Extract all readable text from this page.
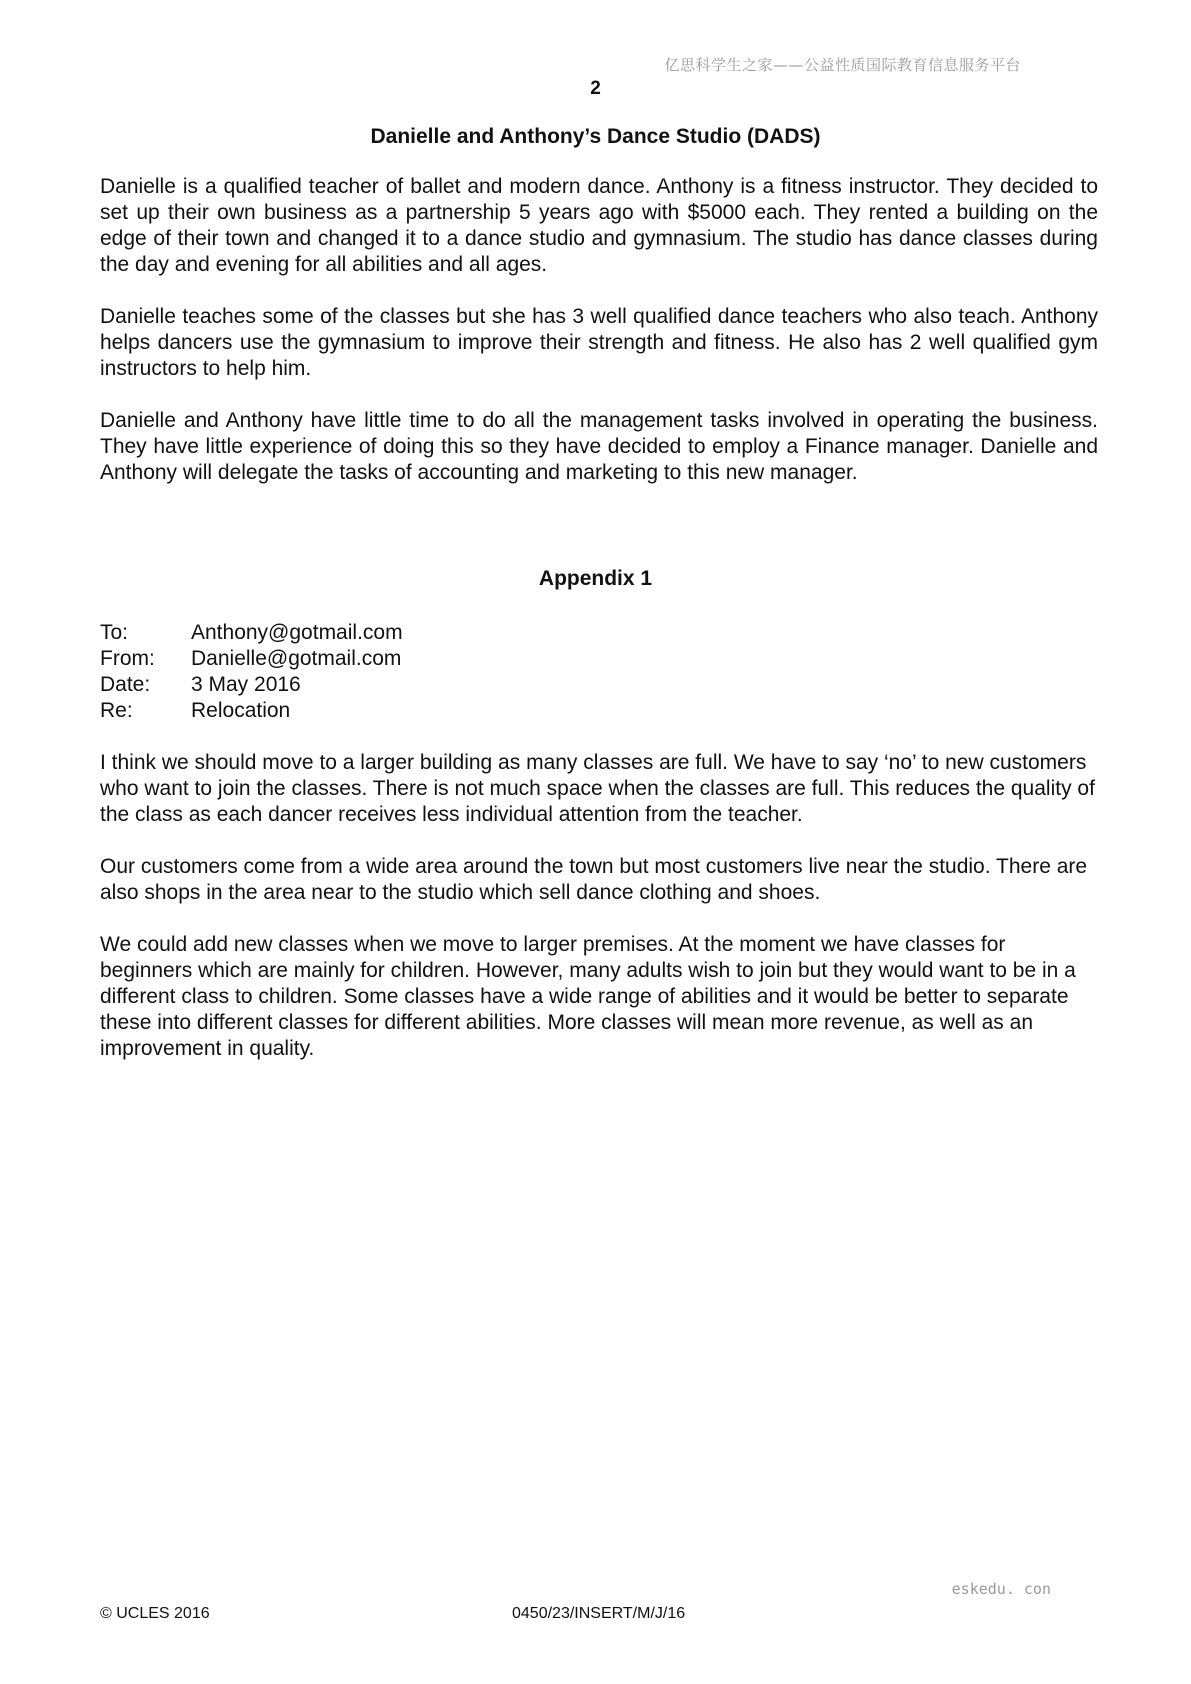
亿思科学生之家——公益性质国际教育信息服务平台
2
Danielle and Anthony’s Dance Studio (DADS)

Danielle is a qualified teacher of ballet and modern dance. Anthony is a fitness instructor. They decided to set up their own business as a partnership 5 years ago with $5000 each. They rented a building on the edge of their town and changed it to a dance studio and gymnasium. The studio has dance classes during the day and evening for all abilities and all ages.

Danielle teaches some of the classes but she has 3 well qualified dance teachers who also teach. Anthony helps dancers use the gymnasium to improve their strength and fitness. He also has 2 well qualified gym instructors to help him.

Danielle and Anthony have little time to do all the management tasks involved in operating the business. They have little experience of doing this so they have decided to employ a Finance manager. Danielle and Anthony will delegate the tasks of accounting and marketing to this new manager.

Appendix 1
To:	Anthony@gotmail.com
From:	Danielle@gotmail.com
Date:	3 May 2016
Re:	Relocation

I think we should move to a larger building as many classes are full. We have to say ‘no’ to new customers who want to join the classes. There is not much space when the classes are full. This reduces the quality of the class as each dancer receives less individual attention from the teacher.

Our customers come from a wide area around the town but most customers live near the studio. There are also shops in the area near to the studio which sell dance clothing and shoes.

We could add new classes when we move to larger premises. At the moment we have classes for beginners which are mainly for children. However, many adults wish to join but they would want to be in a different class to children. Some classes have a wide range of abilities and it would be better to separate these into different classes for different abilities. More classes will mean more revenue, as well as an improvement in quality.

eskedu. con
© UCLES 2016	0450/23/INSERT/M/J/16
